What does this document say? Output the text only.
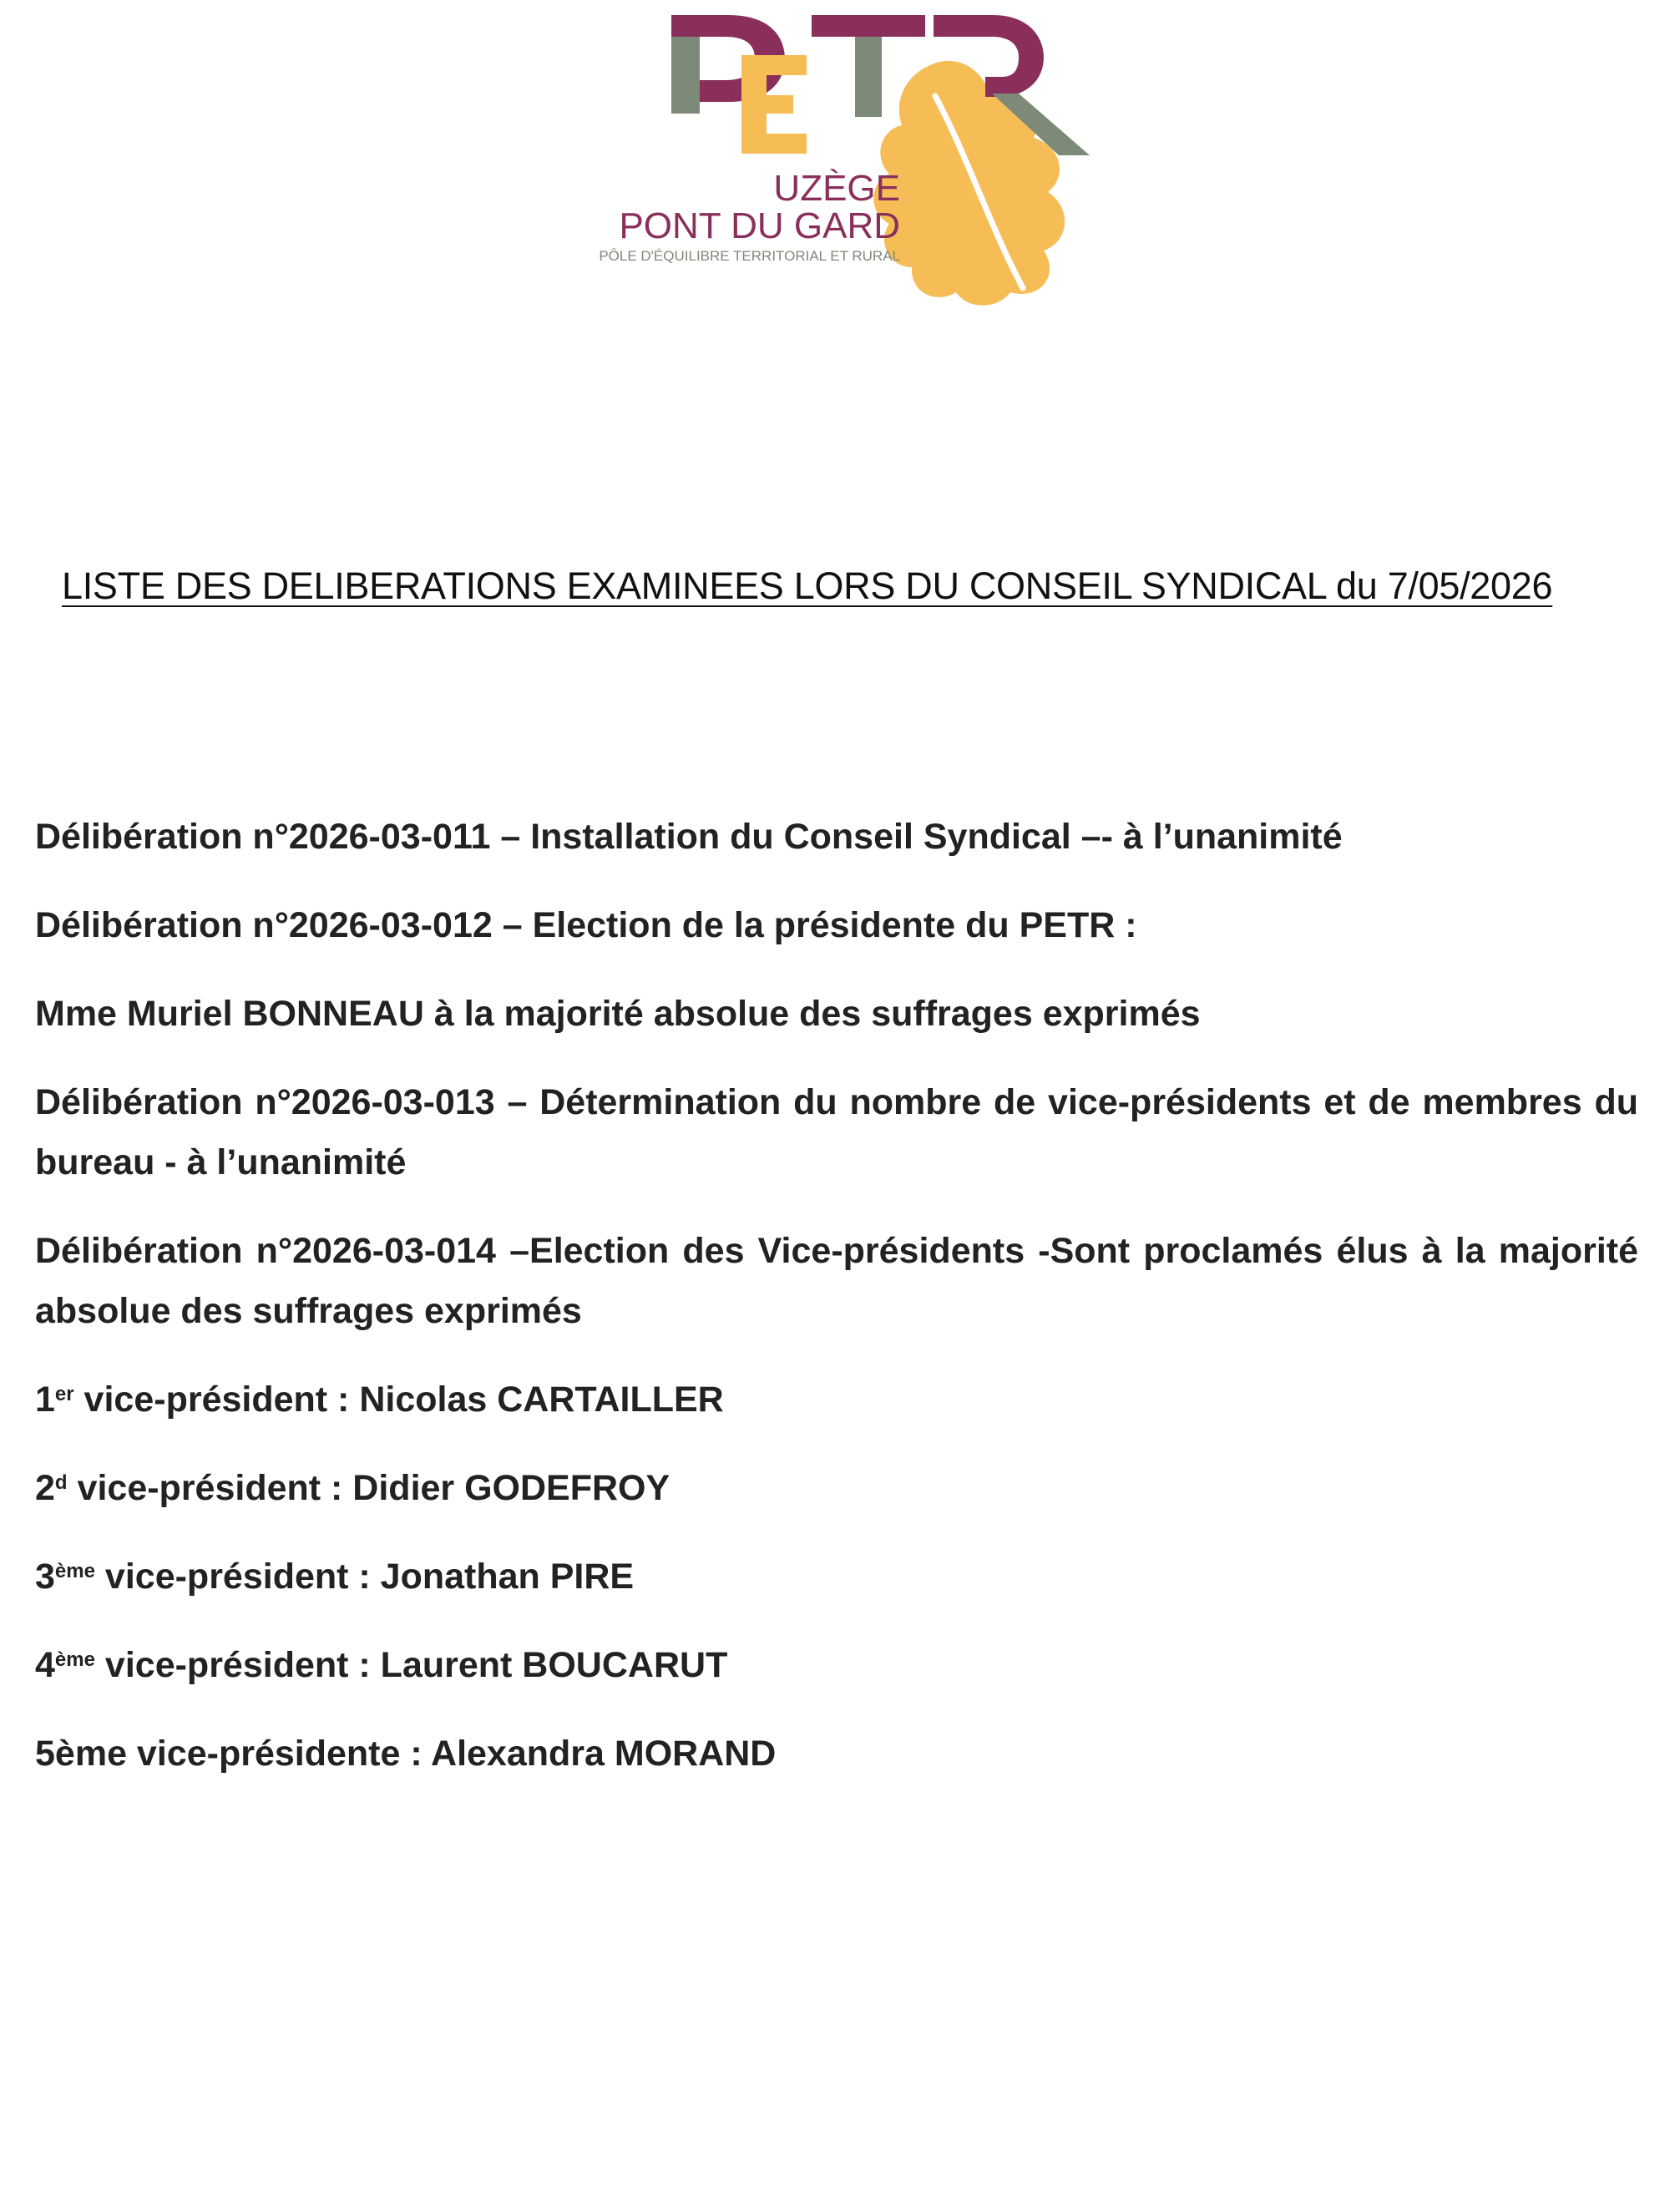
UZÈGE
PONT DU GARD
PÔLE D'ÉQUILIBRE TERRITORIAL ET RURAL
LISTE DES DELIBERATIONS EXAMINEES LORS DU CONSEIL SYNDICAL du 7/05/2026

Délibération n°2026-03-011 – Installation du Conseil Syndical –- à l’unanimité

Délibération n°2026-03-012 – Election de la présidente du PETR :

Mme Muriel BONNEAU à la majorité absolue des suffrages exprimés

Délibération n°2026-03-013 – Détermination du nombre de vice-présidents et de membres du bureau - à l’unanimité

Délibération n°2026-03-014 –Election des Vice-présidents -Sont proclamés élus à la majorité absolue des suffrages exprimés

1er vice-président : Nicolas CARTAILLER

2$^d$ vice-président : Didier GODEFROY

3ème vice-président : Jonathan PIRE

4ème vice-président : Laurent BOUCARUT

5ème vice-présidente : Alexandra MORAND
